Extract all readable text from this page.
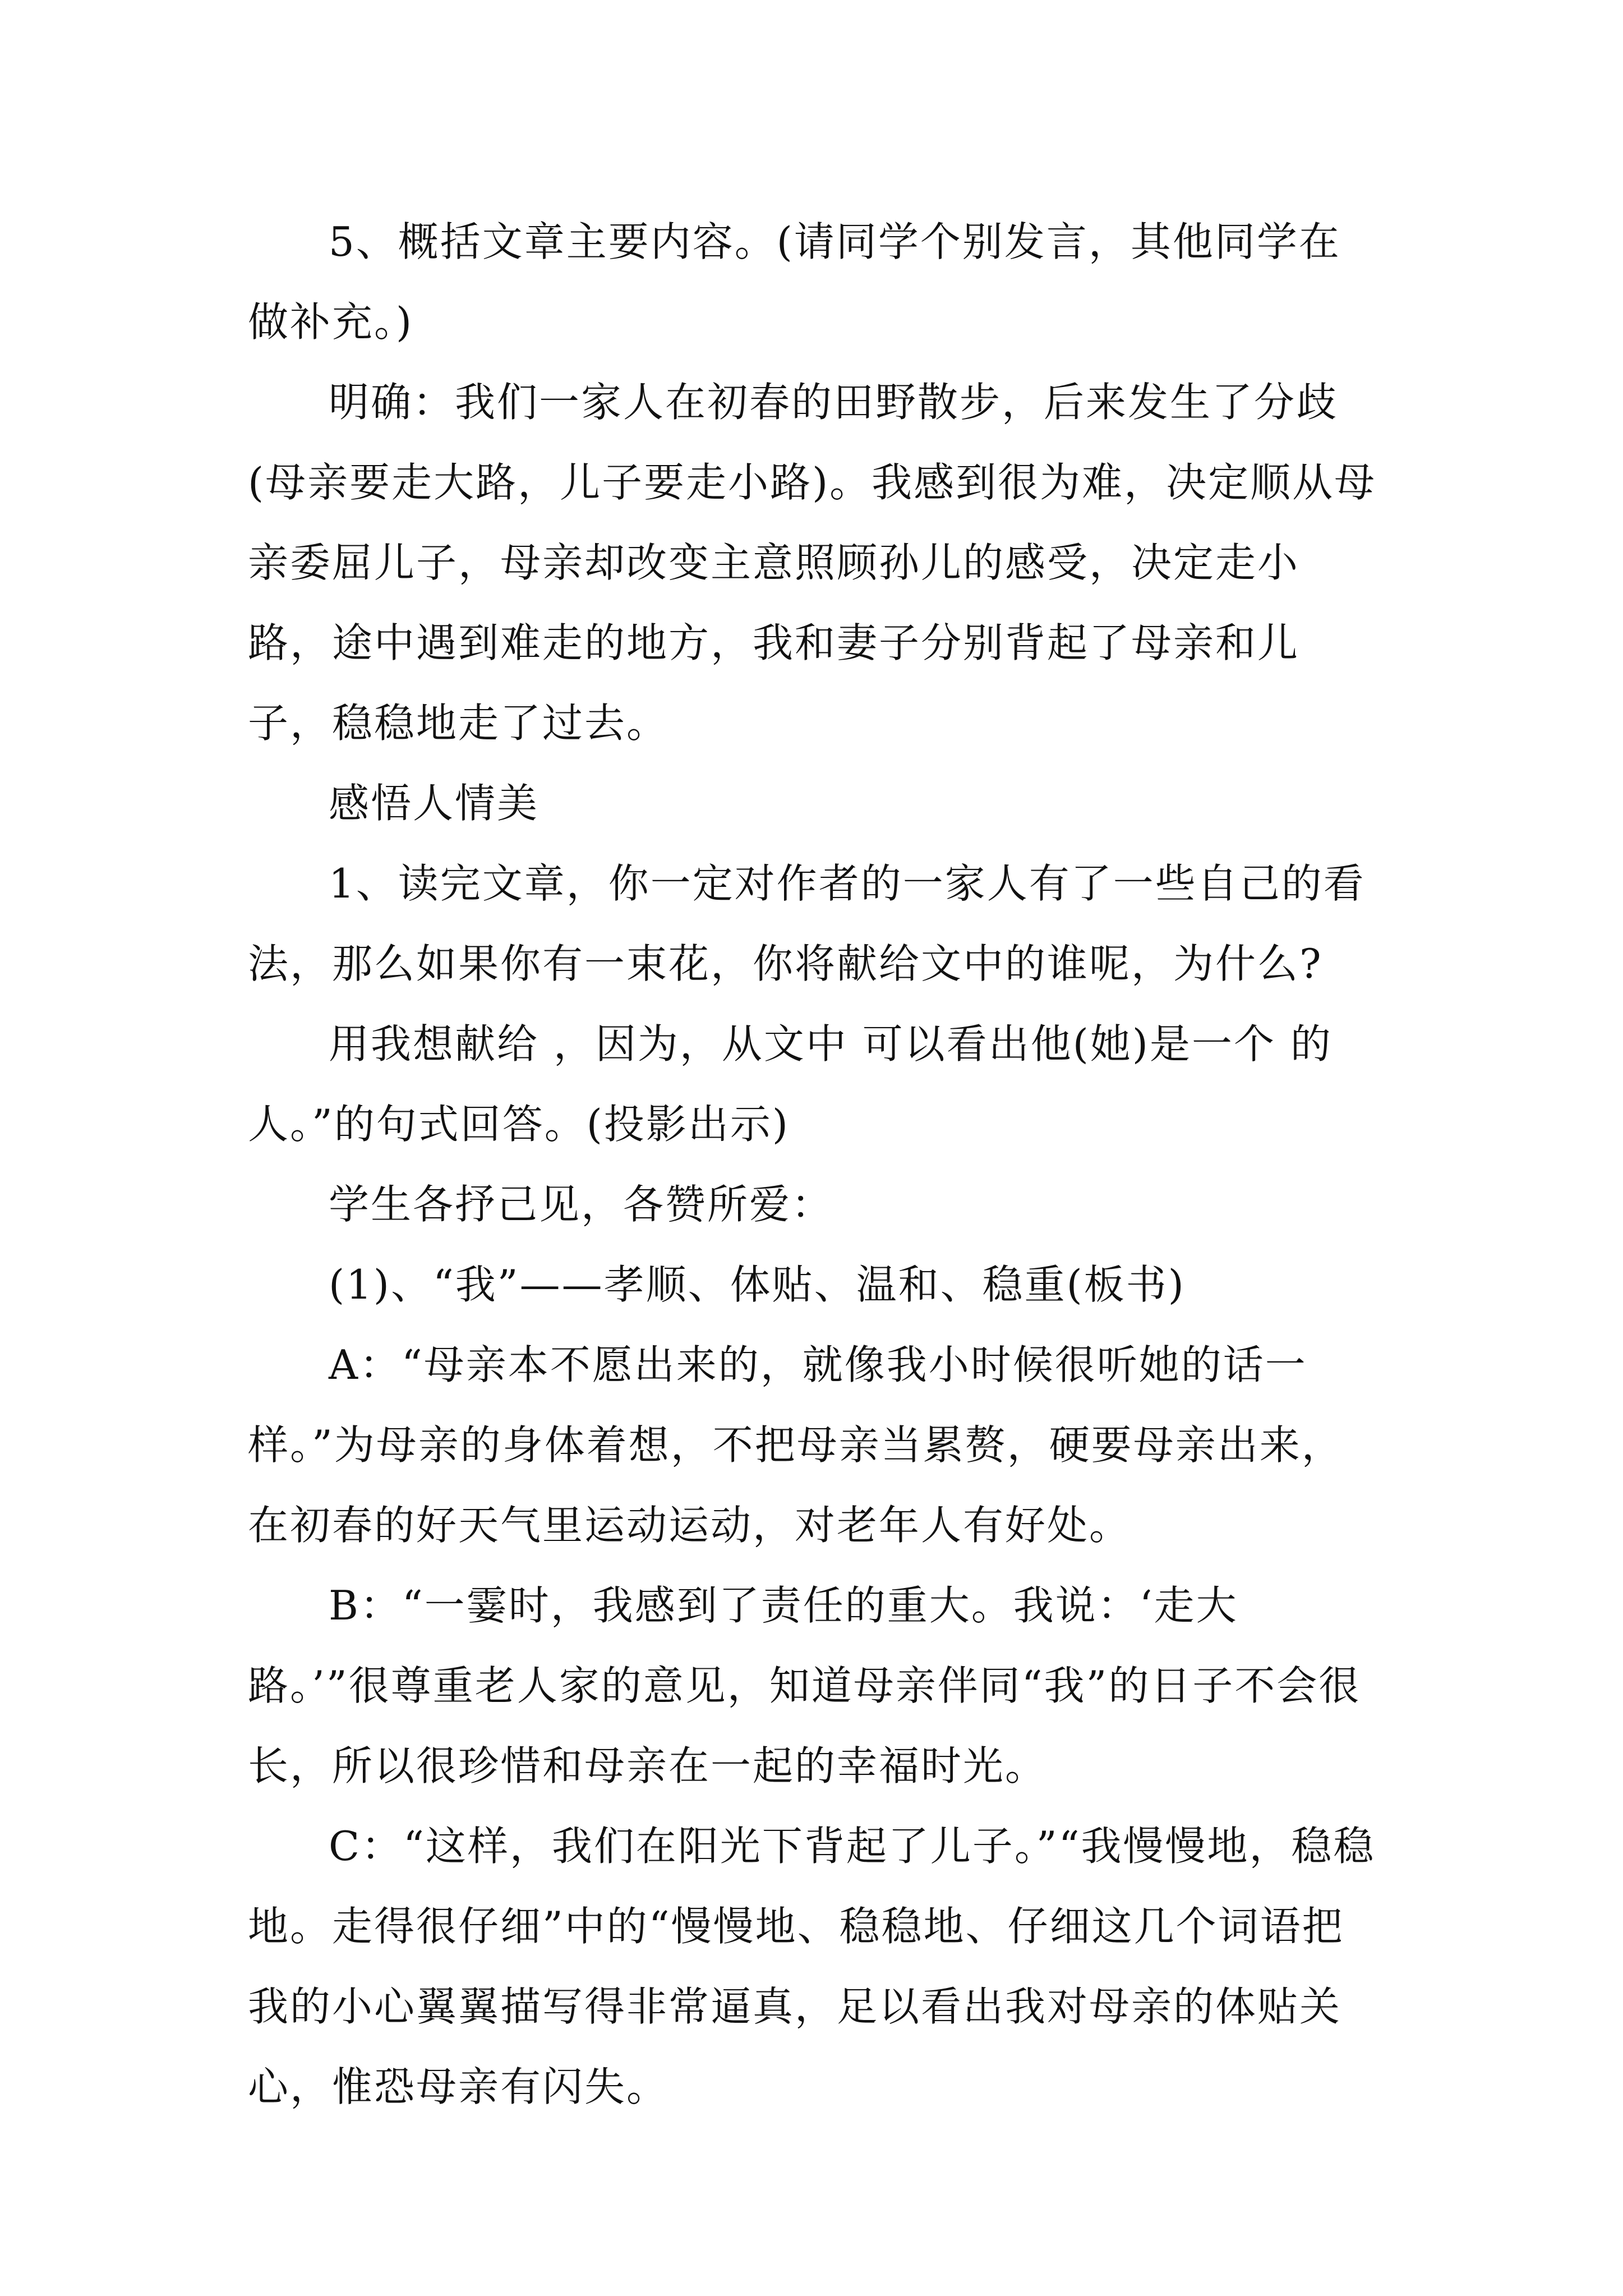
5、概括文章主要内容。(请同学个别发言，其他同学在做补充。)

明确：我们一家人在初春的田野散步，后来发生了分歧(母亲要走大路，儿子要走小路)。我感到很为难，决定顺从母亲委屈儿子，母亲却改变主意照顾孙儿的感受，决定走小路，途中遇到难走的地方，我和妻子分别背起了母亲和儿子，稳稳地走了过去。

感悟人情美

1、读完文章，你一定对作者的一家人有了一些自己的看法，那么如果你有一束花，你将献给文中的谁呢，为什么?

用我想献给 ，因为，从文中 可以看出他(她)是一个 的人。”的句式回答。(投影出示)

学生各抒己见，各赞所爱：

(1)、“我”——孝顺、体贴、温和、稳重(板书)

A：“母亲本不愿出来的，就像我小时候很听她的话一样。”为母亲的身体着想，不把母亲当累赘，硬要母亲出来，在初春的好天气里运动运动，对老年人有好处。

B：“一霎时，我感到了责任的重大。我说：‘走大路。’”很尊重老人家的意见，知道母亲伴同“我”的日子不会很长，所以很珍惜和母亲在一起的幸福时光。

C：“这样，我们在阳光下背起了儿子。”“我慢慢地，稳稳地。走得很仔细”中的“慢慢地、稳稳地、仔细这几个词语把我的小心翼翼描写得非常逼真，足以看出我对母亲的体贴关心，惟恐母亲有闪失。
